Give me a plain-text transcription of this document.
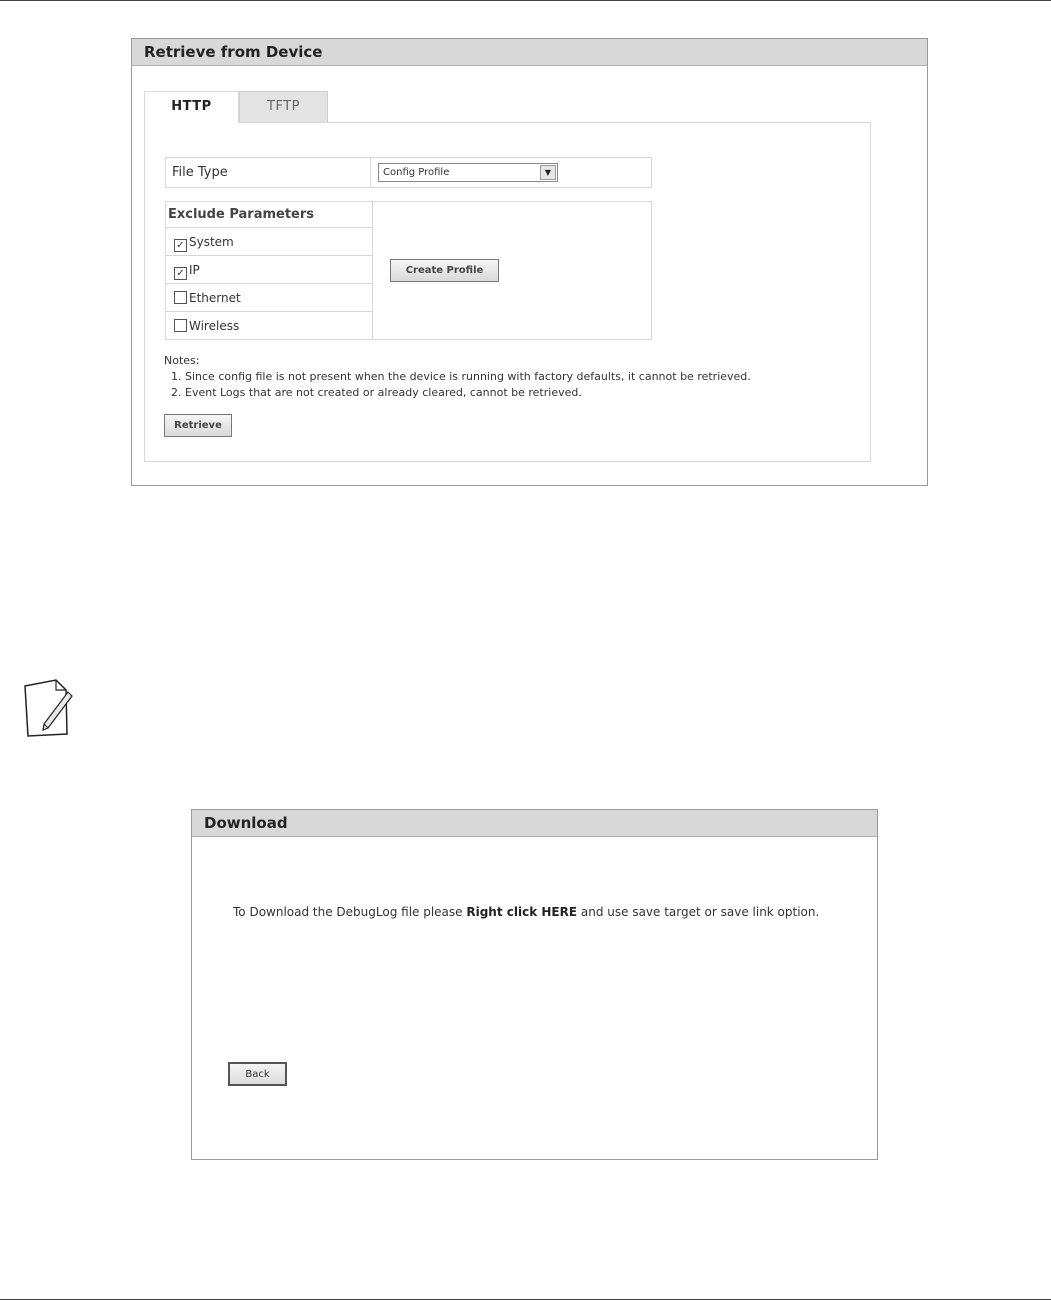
Retrieve from Device
HTTP	TFTP
File Type	Config Profile	▼
Exclude Parameters
✓ System
✓ IP
Ethernet
Wireless
Create Profile
Notes:
1. Since config file is not present when the device is running with factory defaults, it cannot be retrieved.
2. Event Logs that are not created or already cleared, cannot be retrieved.
Retrieve
Download
To Download the DebugLog file please Right click HERE and use save target or save link option.
Back
